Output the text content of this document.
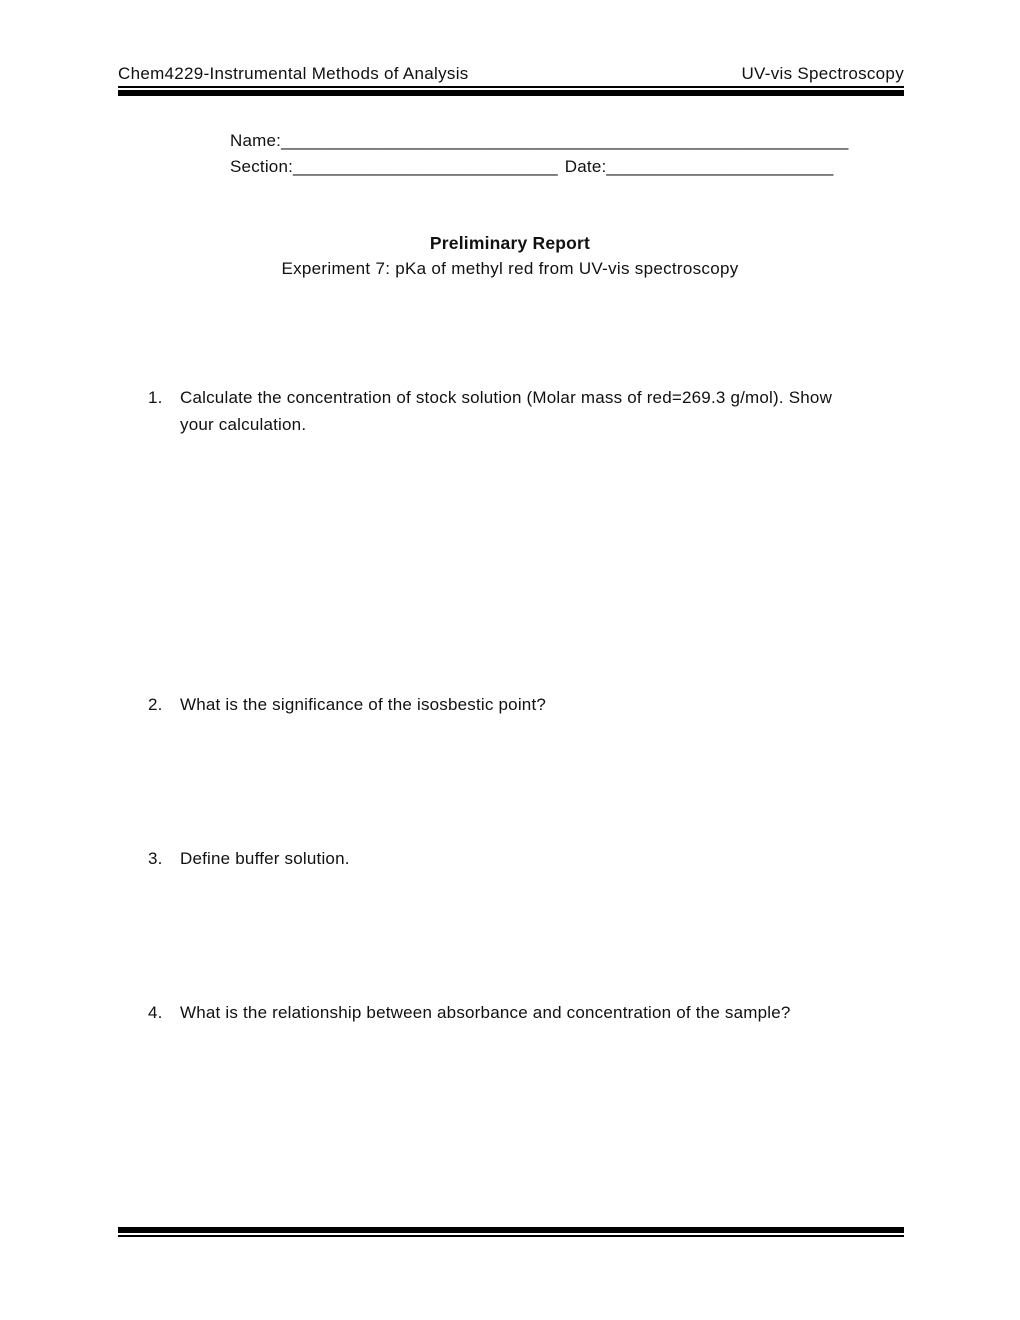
Chem4229-Instrumental Methods of Analysis	UV-vis Spectroscopy
Name:____________________________________________________________
Section:____________________________ Date:________________________
Preliminary Report
Experiment 7: pKa of methyl red from UV-vis spectroscopy
1.	Calculate the concentration of stock solution (Molar mass of red=269.3 g/mol). Show
your calculation.
2.	What is the significance of the isosbestic point?
3.	Define buffer solution.
4.	What is the relationship between absorbance and concentration of the sample?
